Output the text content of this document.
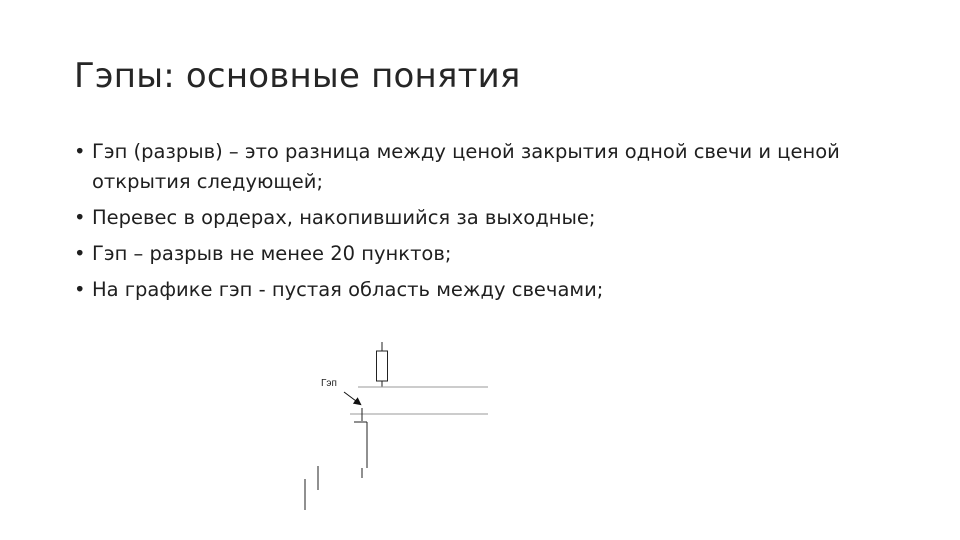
Гэпы: основные понятия
• Гэп (разрыв) – это разница между ценой закрытия одной свечи и ценой открытия следующей;
• Перевес в ордерах, накопившийся за выходные;
• Гэп – разрыв не менее 20 пунктов;
• На графике гэп - пустая область между свечами;
Гэп
